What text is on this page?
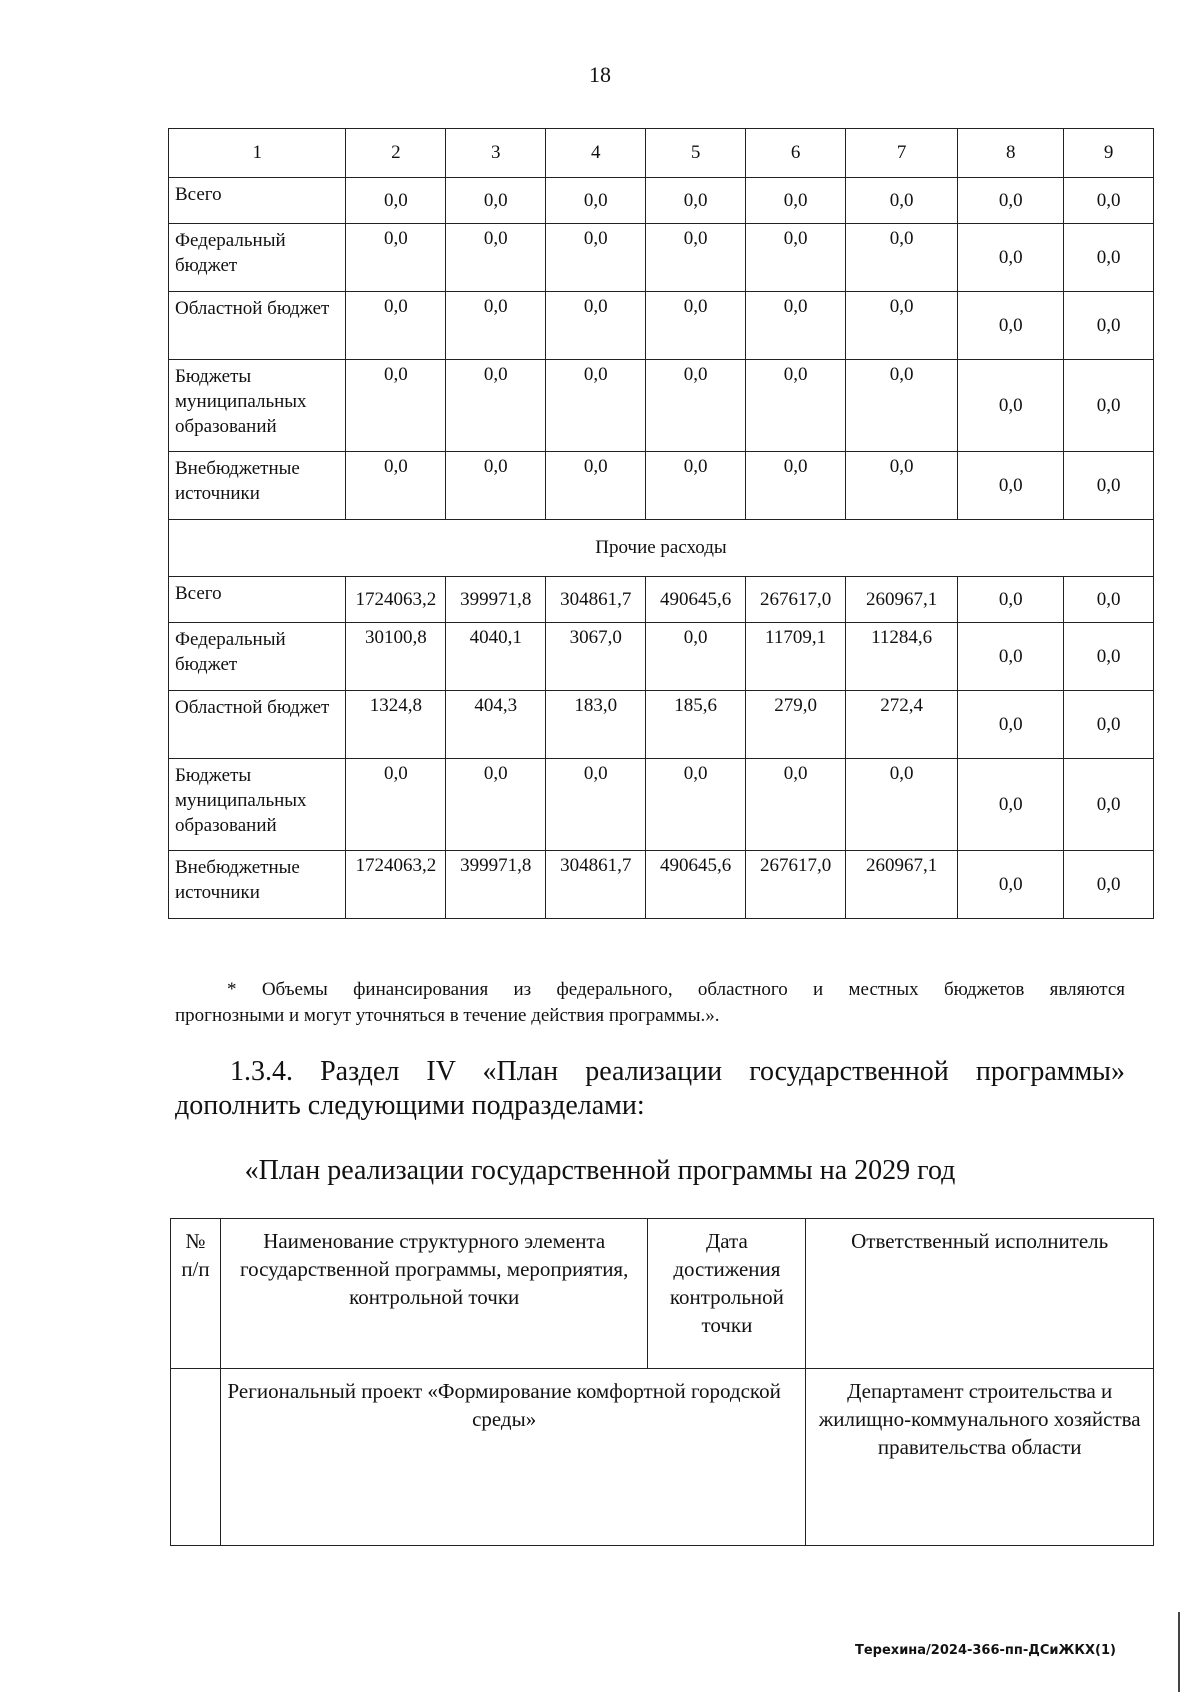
18
1	2	3	4	5	6	7	8	9
Всего	0,0	0,0	0,0	0,0	0,0	0,0	0,0	0,0
Федеральный бюджет	0,0	0,0	0,0	0,0	0,0	0,0	0,0	0,0
Областной бюджет	0,0	0,0	0,0	0,0	0,0	0,0	0,0	0,0
Бюджеты муниципальных образований	0,0	0,0	0,0	0,0	0,0	0,0	0,0	0,0
Внебюджетные источники	0,0	0,0	0,0	0,0	0,0	0,0	0,0	0,0
Прочие расходы								
Всего	1724063,2	399971,8	304861,7	490645,6	267617,0	260967,1	0,0	0,0
Федеральный бюджет	30100,8	4040,1	3067,0	0,0	11709,1	11284,6	0,0	0,0
Областной бюджет	1324,8	404,3	183,0	185,6	279,0	272,4	0,0	0,0
Бюджеты муниципальных образований	0,0	0,0	0,0	0,0	0,0	0,0	0,0	0,0
Внебюджетные источники	1724063,2	399971,8	304861,7	490645,6	267617,0	260967,1	0,0	0,0
* Объемы финансирования из федерального, областного и местных бюджетов являются
прогнозными и могут уточняться в течение действия программы.».
1.3.4. Раздел IV «План реализации государственной программы»
дополнить следующими подразделами:
«План реализации государственной программы на 2029 год
№ п/п	Наименование структурного элемента государственной программы, мероприятия, контрольной точки	Дата достижения контрольной точки	Ответственный исполнитель
	Региональный проект «Формирование комфортной городской среды»		Департамент строительства и жилищно-коммунального хозяйства правительства области
Терехина/2024-366-пп-ДСиЖКХ(1)
